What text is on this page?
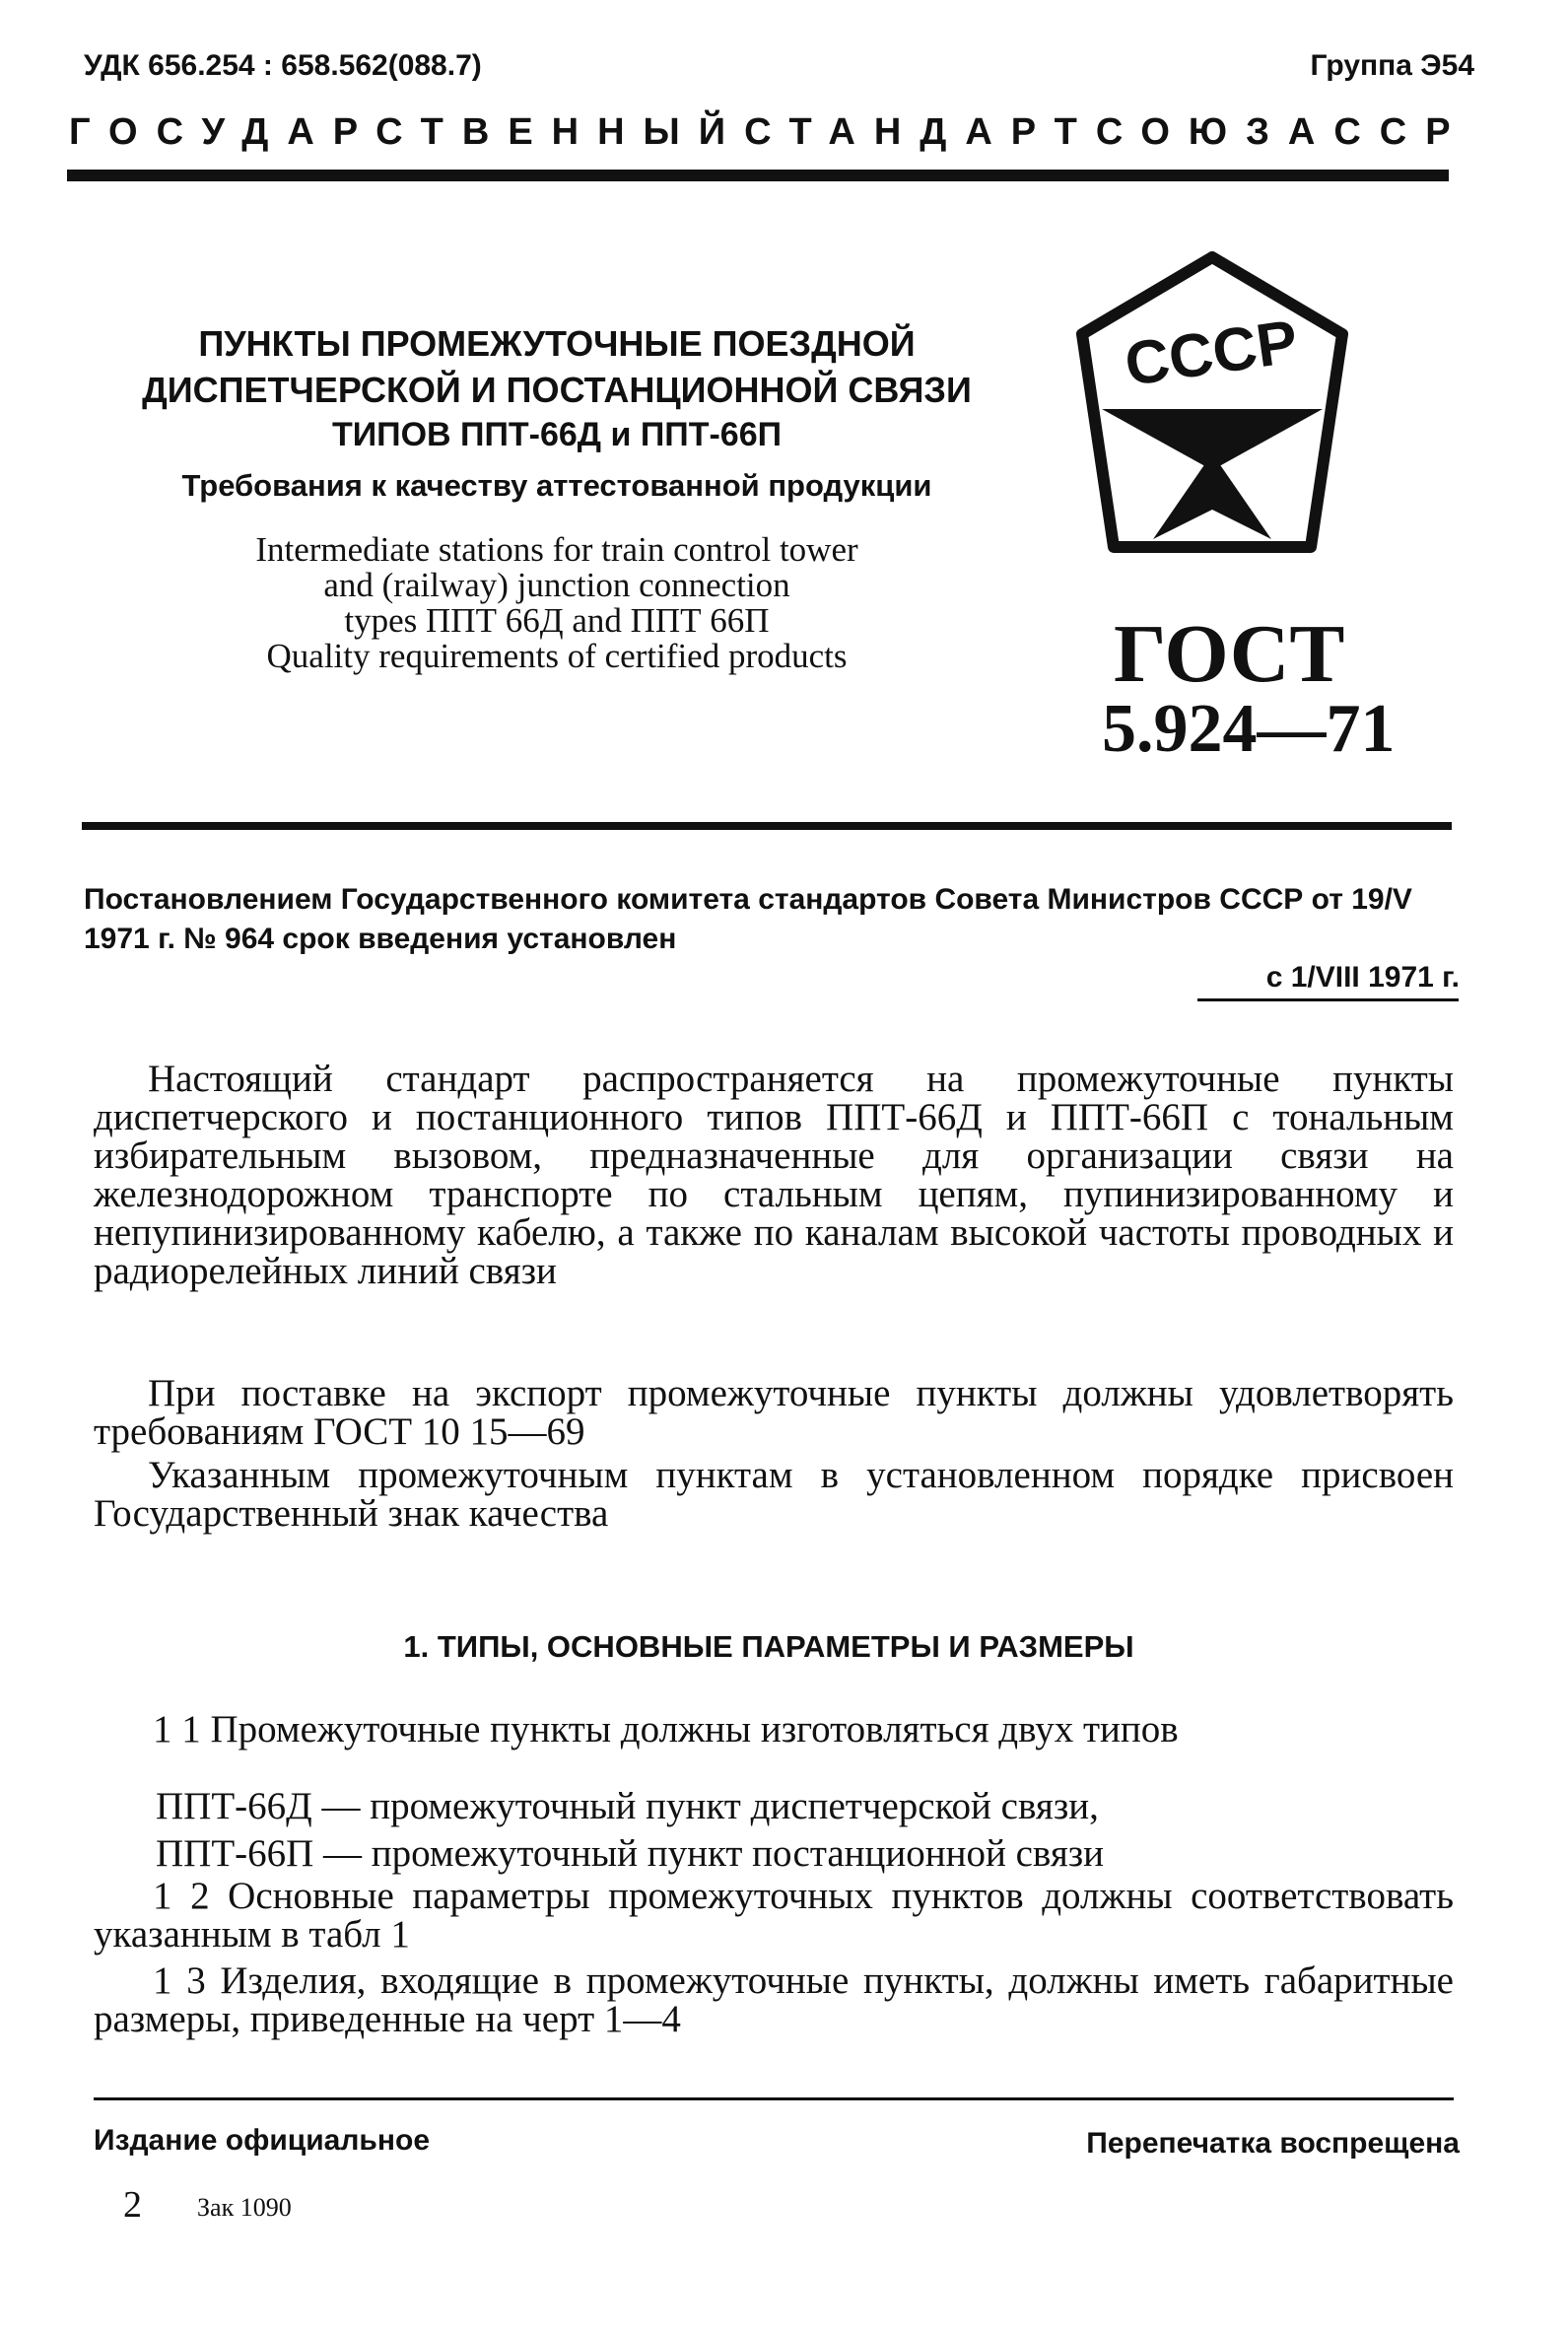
УДК 656.254 : 658.562(088.7)	Группа Э54
ГОСУДАРСТВЕННЫЙ СТАНДАРТ СОЮЗА ССР
ПУНКТЫ ПРОМЕЖУТОЧНЫЕ ПОЕЗДНОЙ
ДИСПЕТЧЕРСКОЙ И ПОСТАНЦИОННОЙ СВЯЗИ
ТИПОВ ППТ-66Д и ППТ-66П
Требования к качеству аттестованной продукции
Intermediate stations for train control tower
and (railway) junction connection
types ППТ 66Д and ППТ 66П
Quality requirements of certified products
СССР
ГОСТ
5.924—71
Постановлением Государственного комитета стандартов Совета Министров СССР от 19/V 1971 г. № 964 срок введения установлен
с 1/VIII 1971 г.
Настоящий стандарт распространяется на промежуточные пункты диспетчерского и постанционного типов ППТ-66Д и ППТ-66П с тональным избирательным вызовом, предназначенные для организации связи на железнодорожном транспорте по стальным цепям, пупинизированному и непупинизированному кабелю, а также по каналам высокой частоты проводных и радиорелейных линий связи
При поставке на экспорт промежуточные пункты должны удовлетворять требованиям ГОСТ 10 15—69
Указанным промежуточным пунктам в установленном порядке присвоен Государственный знак качества
1. ТИПЫ, ОСНОВНЫЕ ПАРАМЕТРЫ И РАЗМЕРЫ
1 1 Промежуточные пункты должны изготовляться двух типов
ППТ-66Д — промежуточный пункт диспетчерской связи,
ППТ-66П — промежуточный пункт постанционной связи
1 2 Основные параметры промежуточных пунктов должны соответствовать указанным в табл 1
1 3 Изделия, входящие в промежуточные пункты, должны иметь габаритные размеры, приведенные на черт 1—4
Издание официальное	Перепечатка воспрещена
2 Зак 1090
